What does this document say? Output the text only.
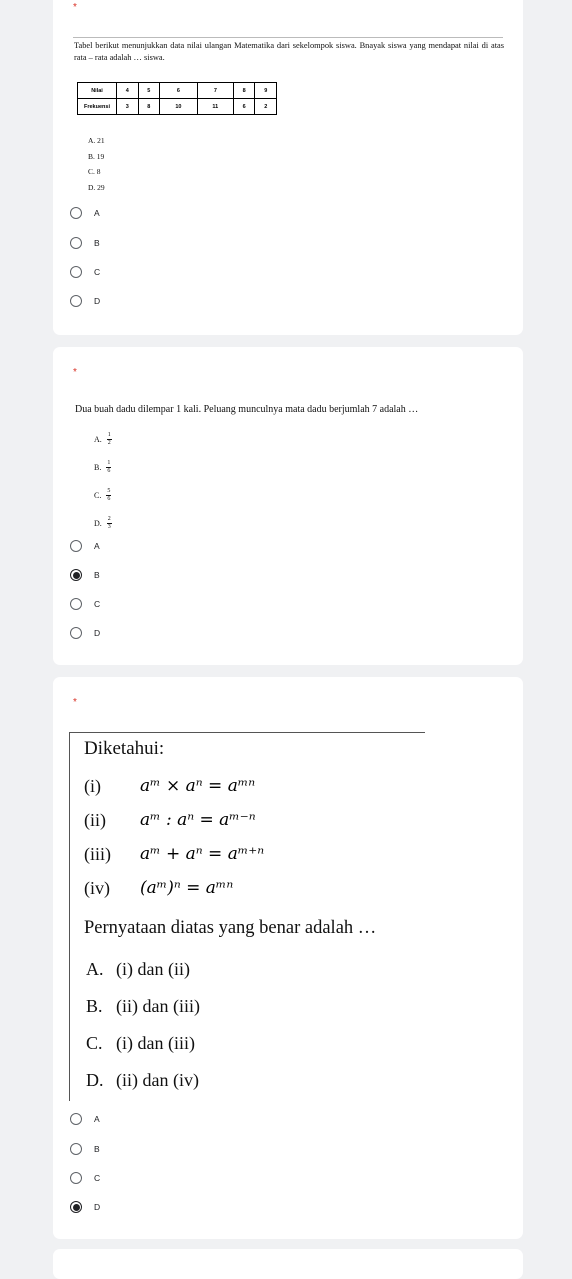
*
Tabel berikut menunjukkan data nilai ulangan Matematika dari sekelompok siswa. Bnayak siswa yang mendapat nilai di atas rata – rata adalah … siswa.
Nilai	4	5	6	7	8	9
Frekuensi	3	8	10	11	6	2
A. 21
B. 19
C. 8
D. 29
A
B
C
D
*
Dua buah dadu dilempar 1 kali. Peluang munculnya mata dadu berjumlah 7 adalah …
A. $\frac{1}{2}$
B. $\frac{1}{6}$
C. $\frac{5}{6}$
D. $\frac{2}{3}$
A
B
C
D
*
Diketahui:
(i)	aᵐ × aⁿ = aᵐⁿ
(ii)	aᵐ : aⁿ = aᵐ⁻ⁿ
(iii)	aᵐ + aⁿ = aᵐ⁺ⁿ
(iv)	(aᵐ)ⁿ = aᵐⁿ
Pernyataan diatas yang benar adalah …
A. (i) dan (ii)
B. (ii) dan (iii)
C. (i) dan (iii)
D. (ii) dan (iv)
A
B
C
D
